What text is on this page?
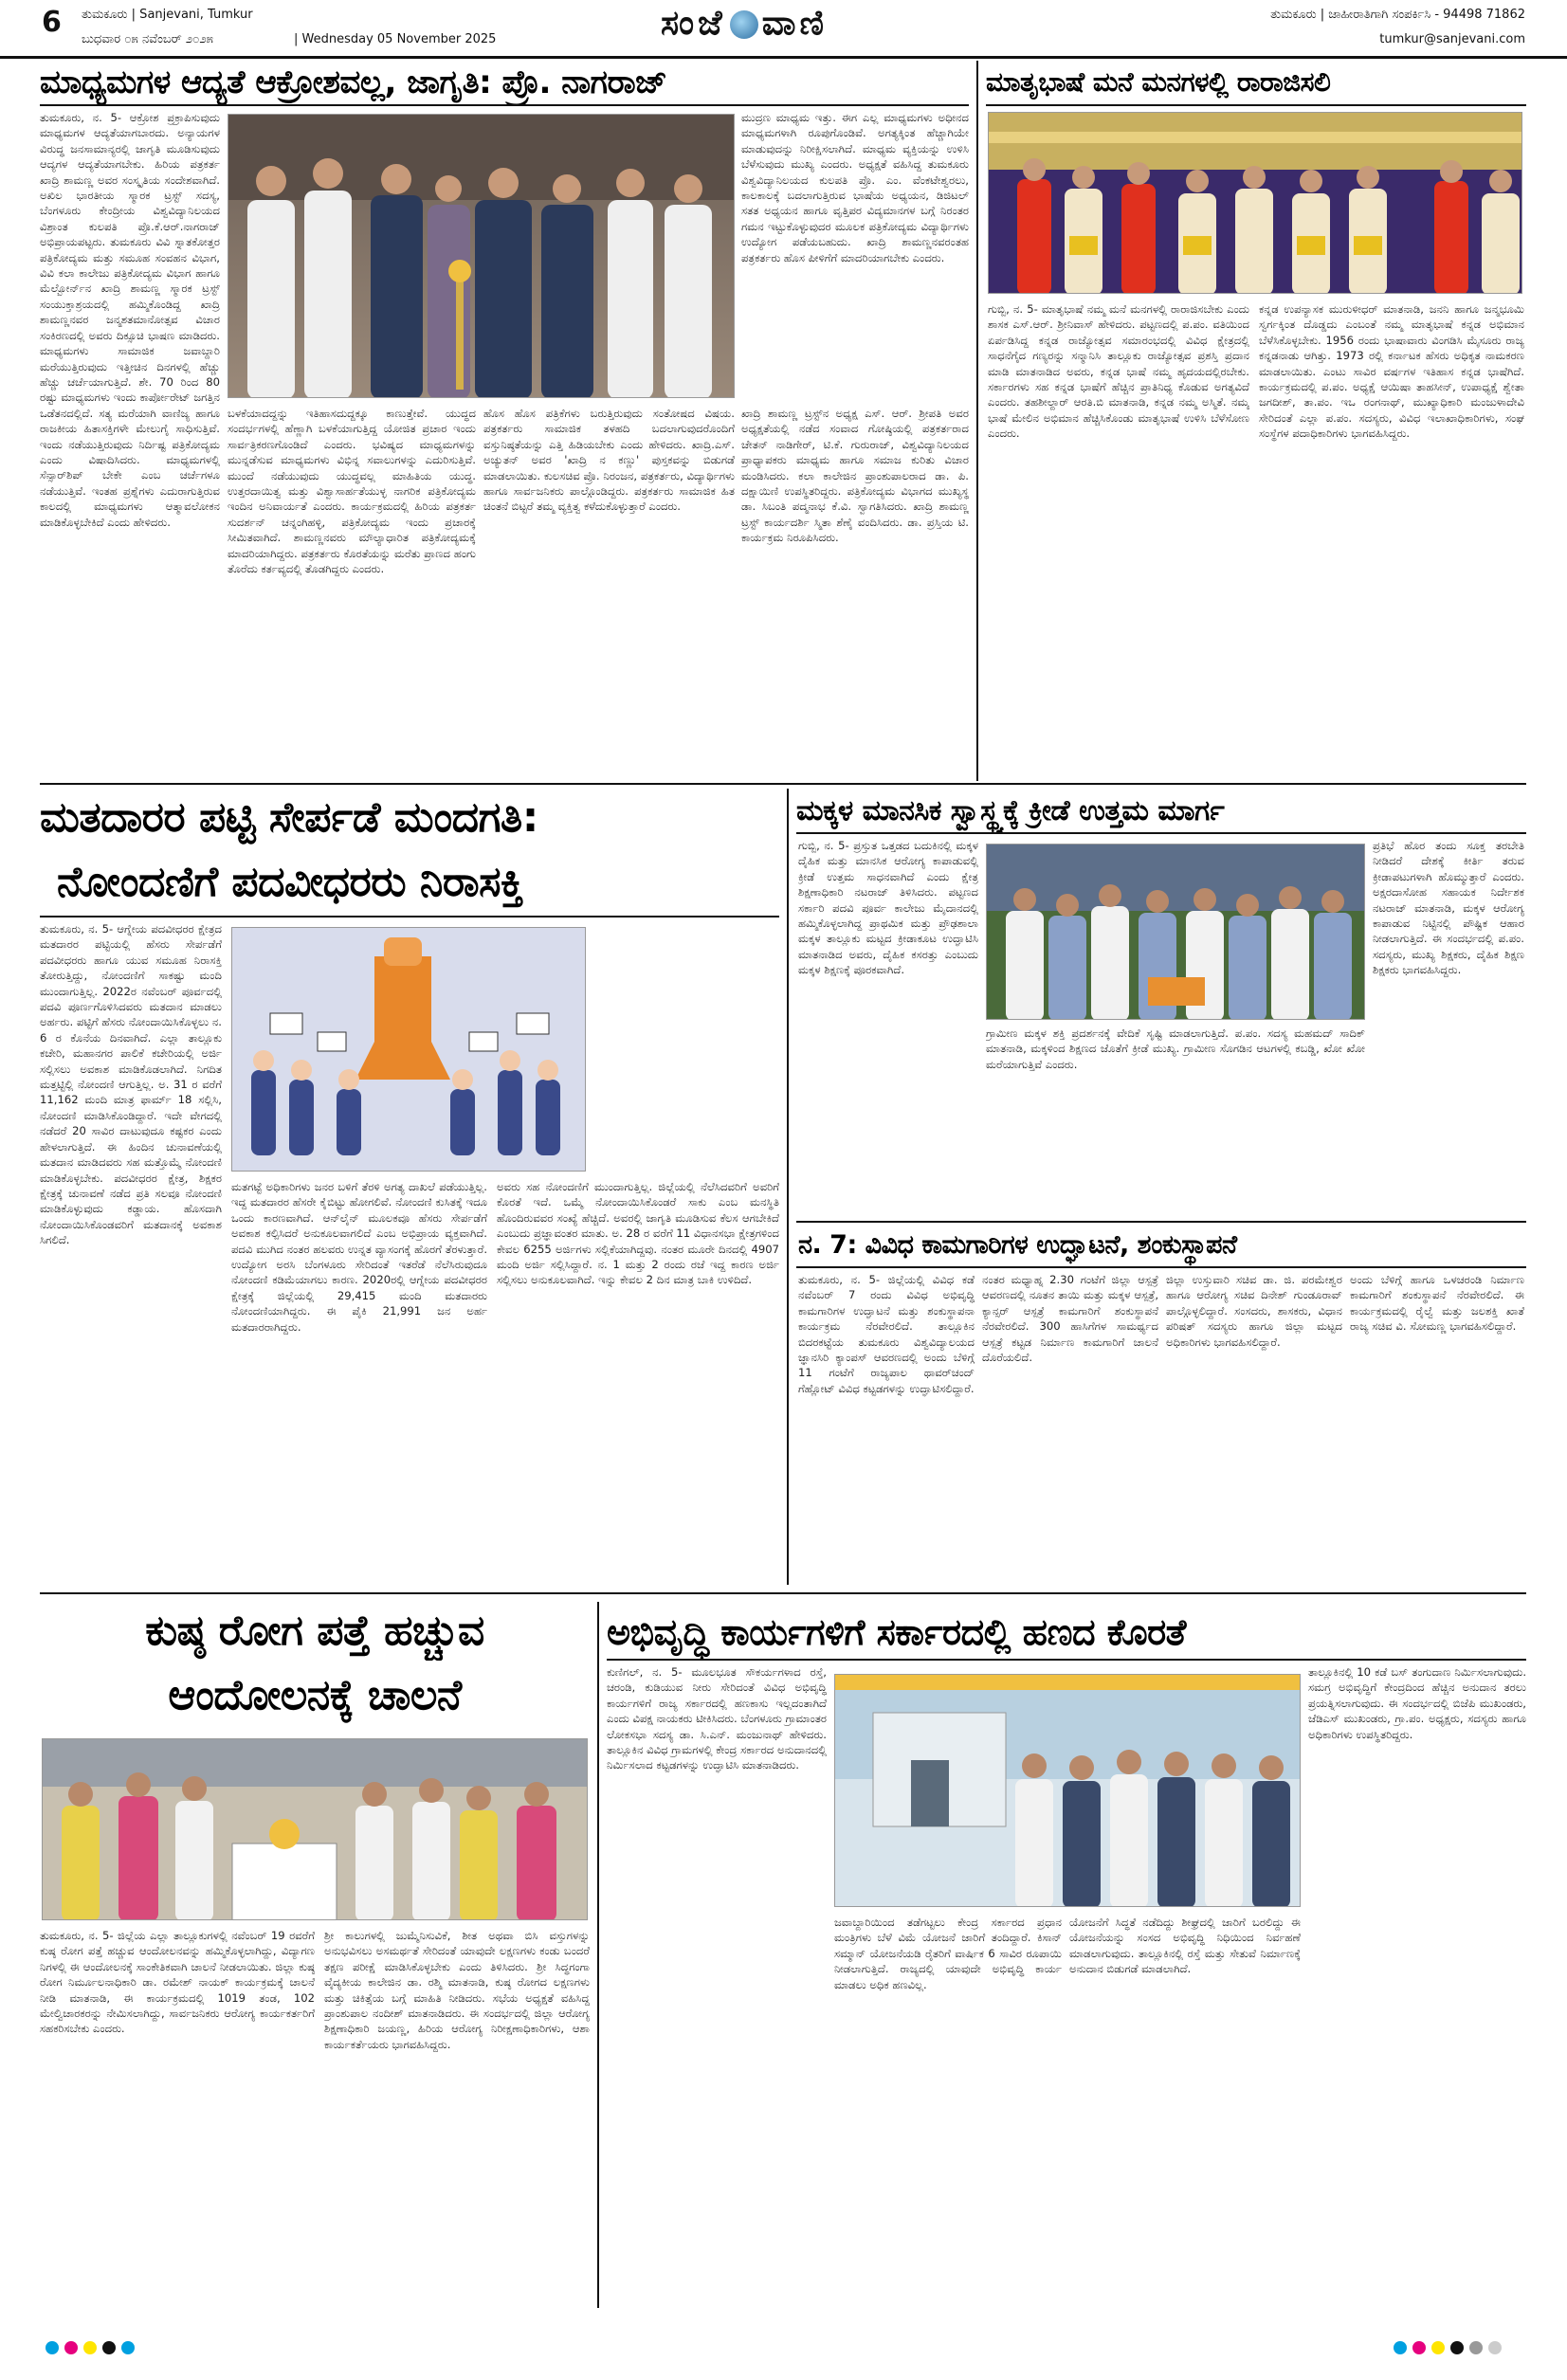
6 ತುಮಕೂರು | Sanjevani, Tumkur
ಬುಧವಾರ ೦೫ ನವೆಂಬರ್ ೨೦೨೫	| Wednesday 05 November 2025	ಸಂಜೆ ವಾಣಿ	ತುಮಕೂರು | ಜಾಹೀರಾತಿಗಾಗಿ ಸಂಪರ್ಕಿಸಿ - 94498 71862
tumkur@sanjevani.com
ಮಾಧ್ಯಮಗಳ ಆದ್ಯತೆ ಆಕ್ರೋಶವಲ್ಲ, ಜಾಗೃತಿ: ಪ್ರೊ. ನಾಗರಾಜ್
ತುಮಕೂರು, ನ. 5- ಆಕ್ರೋಶ ಪ್ರಕ್ರಾಪಿಸುವುದು ಮಾಧ್ಯಮಗಳ ಆದ್ಯತೆಯಾಗಬಾರದು. ಅನ್ಯಾಯಗಳ ವಿರುದ್ಧ ಜನಸಾಮಾನ್ಯರಲ್ಲಿ ಜಾಗೃತಿ ಮೂಡಿಸುವುದು ಆದ್ಯಗಳ ಆದ್ಯತೆಯಾಗಬೇಕು. ಹಿರಿಯ ಪತ್ರಕರ್ತ ಖಾದ್ರಿ ಶಾಮಣ್ಣ ಅವರ ಸಂಸ್ಕೃತಿಯ ಸಂದೇಶವಾಗಿದೆ. ಅಖಿಲ ಭಾರತೀಯ ಸ್ಮಾರಕ ಟ್ರಸ್ಟ್ ಸದಸ್ಯ, ಬೆಂಗಳೂರು ಕೇಂದ್ರೀಯ ವಿಶ್ವವಿದ್ಯಾನಿಲಯದ ವಿಶ್ರಾಂತ ಕುಲಪತಿ ಪ್ರೊ.ಕೆ.ಆರ್.ನಾಗರಾಜ್ ಅಭಿಪ್ರಾಯಪಟ್ಟರು. ತುಮಕೂರು ವಿವಿ ಸ್ನಾತಕೋತ್ತರ ಪತ್ರಿಕೋದ್ಯಮ ಮತ್ತು ಸಮೂಹ ಸಂವಹನ ವಿಭಾಗ, ವಿವಿ ಕಲಾ ಕಾಲೇಜು ಪತ್ರಿಕೋದ್ಯಮ ವಿಭಾಗ ಹಾಗೂ ಮೆಲ್ಬೋರ್ನ್‌ನ ಖಾದ್ರಿ ಶಾಮಣ್ಣ ಸ್ಮಾರಕ ಟ್ರಸ್ಟ್ ಸಂಯುಕ್ತಾಶ್ರಯದಲ್ಲಿ ಹಮ್ಮಿಕೊಂಡಿದ್ದ ಖಾದ್ರಿ ಶಾಮಣ್ಣನವರ ಜನ್ಮಶತಮಾನೋತ್ಸವ ವಿಚಾರ ಸಂಕಿರಣದಲ್ಲಿ ಅವರು ದಿಕ್ಸೂಚಿ ಭಾಷಣ ಮಾಡಿದರು. ಮಾಧ್ಯಮಗಳು ಸಾಮಾಜಿಕ ಜವಾಬ್ದಾರಿ ಮರೆಯುತ್ತಿರುವುದು ಇತ್ತೀಚಿನ ದಿನಗಳಲ್ಲಿ ಹೆಚ್ಚು ಹೆಚ್ಚು ಚರ್ಚೆಯಾಗುತ್ತಿದೆ. ಶೇ. 70 ರಿಂದ 80 ರಷ್ಟು ಮಾಧ್ಯಮಗಳು ಇಂದು ಕಾರ್ಪೋರೇಟ್ ಜಗತ್ತಿನ ಒಡೆತನದಲ್ಲಿದೆ. ಸತ್ಯ ಮರೆಯಾಗಿ ವಾಣಿಜ್ಯ ಹಾಗೂ ರಾಜಕೀಯ ಹಿತಾಸಕ್ತಿಗಳೇ ಮೇಲುಗೈ ಸಾಧಿಸುತ್ತಿವೆ. ಇಂದು ನಡೆಯುತ್ತಿರುವುದು ನಿರ್ದಿಷ್ಟ ಪತ್ರಿಕೋದ್ಯಮ ಎಂದು ವಿಷಾದಿಸಿದರು. ಮಾಧ್ಯಮಗಳಲ್ಲಿ ಸೆನ್ಸಾರ್‌ಶಿಪ್ ಬೇಕೇ ಎಂಬ ಚರ್ಚೆಗಳೂ ನಡೆಯುತ್ತಿವೆ. ಇಂತಹ ಪ್ರಶ್ನೆಗಳು ಎದುರಾಗುತ್ತಿರುವ ಕಾಲದಲ್ಲಿ ಮಾಧ್ಯಮಗಳು ಆತ್ಮಾವಲೋಕನ ಮಾಡಿಕೊಳ್ಳಬೇಕಿದೆ ಎಂದು ಹೇಳಿದರು.
ಮುದ್ರಣ ಮಾಧ್ಯಮ ಇತ್ತು. ಈಗ ಎಲ್ಲ ಮಾಧ್ಯಮಗಳು ಅಧೀನದ ಮಾಧ್ಯಮಗಳಾಗಿ ರೂಪುಗೊಂಡಿವೆ. ಅಗತ್ಯಕ್ಕಿಂತ ಹೆಚ್ಚಾಗಿಯೇ ಮಾಡುವುದನ್ನು ನಿರೀಕ್ಷಿಸಲಾಗಿದೆ. ಮಾಧ್ಯಮ ವ್ಯಕ್ತಿಯನ್ನು ಉಳಿಸಿ ಬೆಳೆಸುವುದು ಮುಖ್ಯ ಎಂದರು. ಅಧ್ಯಕ್ಷತೆ ವಹಿಸಿದ್ದ ತುಮಕೂರು ವಿಶ್ವವಿದ್ಯಾನಿಲಯದ ಕುಲಪತಿ ಪ್ರೊ. ಎಂ. ವೆಂಕಟೇಶ್ವರಲು, ಕಾಲಕಾಲಕ್ಕೆ ಬದಲಾಗುತ್ತಿರುವ ಭಾಷೆಯ ಅಧ್ಯಯನ, ಡಿಜಿಟಲ್ ಸತತ ಅಧ್ಯಯನ ಹಾಗೂ ವೃತ್ತಿಪರ ವಿದ್ಯಮಾನಗಳ ಬಗ್ಗೆ ನಿರಂತರ ಗಮನ ಇಟ್ಟುಕೊಳ್ಳುವುದರ ಮೂಲಕ ಪತ್ರಿಕೋದ್ಯಮ ವಿದ್ಯಾರ್ಥಿಗಳು ಉದ್ಯೋಗ ಪಡೆಯಬಹುದು. ಖಾದ್ರಿ ಶಾಮಣ್ಣನವರಂತಹ ಪತ್ರಕರ್ತರು ಹೊಸ ಪೀಳಿಗೆಗೆ ಮಾದರಿಯಾಗಬೇಕು ಎಂದರು.
ಬಳಕೆಯಾದದ್ದನ್ನು ಇತಿಹಾಸದುದ್ದಕ್ಕೂ ಕಾಣುತ್ತೇವೆ. ಯುದ್ಧದ ಸಂದರ್ಭಗಳಲ್ಲಿ ಹೆಣ್ಣಾಗಿ ಬಳಕೆಯಾಗುತ್ತಿದ್ದ ಯೋಜಿತ ಪ್ರಚಾರ ಇಂದು ಸಾರ್ವತ್ರಿಕರಣಗೊಂಡಿದೆ ಎಂದರು. ಭವಿಷ್ಯದ ಮಾಧ್ಯಮಗಳನ್ನು ಮುನ್ನಡೆಸುವ ಮಾಧ್ಯಮಗಳು ವಿಭಿನ್ನ ಸವಾಲುಗಳನ್ನು ಎದುರಿಸುತ್ತಿವೆ. ಮುಂದೆ ನಡೆಯುವುದು ಯುದ್ಧವಲ್ಲ ಮಾಹಿತಿಯ ಯುದ್ಧ. ಉತ್ತರದಾಯಿತ್ವ ಮತ್ತು ವಿಶ್ವಾಸಾರ್ಹತೆಯುಳ್ಳ ನಾಗರಿಕ ಪತ್ರಿಕೋದ್ಯಮ ಇಂದಿನ ಅನಿವಾರ್ಯತೆ ಎಂದರು. ಕಾರ್ಯಕ್ರಮದಲ್ಲಿ ಹಿರಿಯ ಪತ್ರಕರ್ತ ಸುದರ್ಶನ್ ಚನ್ನಂಗಿಹಳ್ಳಿ, ಪತ್ರಿಕೋದ್ಯಮ ಇಂದು ಪ್ರಚಾರಕ್ಕೆ ಸೀಮಿತವಾಗಿದೆ. ಶಾಮಣ್ಣನವರು ಮೌಲ್ಯಾಧಾರಿತ ಪತ್ರಿಕೋದ್ಯಮಕ್ಕೆ ಮಾದರಿಯಾಗಿದ್ದರು. ಪತ್ರಕರ್ತರು ಕೊರತೆಯನ್ನು ಮರೆತು ಪ್ರಾಣದ ಹಂಗು ತೊರೆದು ಕರ್ತವ್ಯದಲ್ಲಿ ತೊಡಗಿದ್ದರು ಎಂದರು.
ಹೊಸ ಹೊಸ ಪತ್ರಿಕೆಗಳು ಬರುತ್ತಿರುವುದು ಸಂತೋಷದ ವಿಷಯ. ಪತ್ರಕರ್ತರು ಸಾಮಾಜಿಕ ತಳಹದಿ ಬದಲಾಗುವುದರೊಂದಿಗೆ ವಸ್ತುನಿಷ್ಠತೆಯನ್ನು ಎತ್ತಿ ಹಿಡಿಯಬೇಕು ಎಂದು ಹೇಳಿದರು. ಖಾದ್ರಿ.ಎಸ್. ಅಚ್ಯುತನ್ ಅವರ 'ಖಾದ್ರಿ ನ ಕಣ್ಣು' ಪುಸ್ತಕವನ್ನು ಬಿಡುಗಡೆ ಮಾಡಲಾಯಿತು. ಕುಲಸಚಿವ ಪ್ರೊ. ನಿರಂಜನ, ಪತ್ರಕರ್ತರು, ವಿದ್ಯಾರ್ಥಿಗಳು ಹಾಗೂ ಸಾರ್ವಜನಿಕರು ಪಾಲ್ಗೊಂಡಿದ್ದರು. ಪತ್ರಕರ್ತರು ಸಾಮಾಜಿಕ ಹಿತ ಚಿಂತನೆ ಬಿಟ್ಟರೆ ತಮ್ಮ ವ್ಯಕ್ತಿತ್ವ ಕಳೆದುಕೊಳ್ಳುತ್ತಾರೆ ಎಂದರು.
ಖಾದ್ರಿ ಶಾಮಣ್ಣ ಟ್ರಸ್ಟ್‌ನ ಅಧ್ಯಕ್ಷ ಎಸ್. ಆರ್. ಶ್ರೀಪತಿ ಅವರ ಅಧ್ಯಕ್ಷತೆಯಲ್ಲಿ ನಡೆದ ಸಂವಾದ ಗೋಷ್ಠಿಯಲ್ಲಿ ಪತ್ರಕರ್ತರಾದ ಚೇತನ್ ನಾಡಿಗೇರ್, ಟಿ.ಕೆ. ಗುರುರಾಜ್, ವಿಶ್ವವಿದ್ಯಾನಿಲಯದ ಪ್ರಾಧ್ಯಾಪಕರು ಮಾಧ್ಯಮ ಹಾಗೂ ಸಮಾಜ ಕುರಿತು ವಿಚಾರ ಮಂಡಿಸಿದರು. ಕಲಾ ಕಾಲೇಜಿನ ಪ್ರಾಂಶುಪಾಲರಾದ ಡಾ. ಪಿ. ದಕ್ಷಾಯಿಣಿ ಉಪಸ್ಥಿತರಿದ್ದರು. ಪತ್ರಿಕೋದ್ಯಮ ವಿಭಾಗದ ಮುಖ್ಯಸ್ಥ ಡಾ. ಸಿಬಂತಿ ಪದ್ಮನಾಭ ಕೆ.ವಿ. ಸ್ವಾಗತಿಸಿದರು. ಖಾದ್ರಿ ಶಾಮಣ್ಣ ಟ್ರಸ್ಟ್ ಕಾರ್ಯದರ್ಶಿ ಸ್ಮಿತಾ ಶೆಣೈ ವಂದಿಸಿದರು. ಡಾ. ಪ್ರಸ್ತಿಯ ಟಿ. ಕಾರ್ಯಕ್ರಮ ನಿರೂಪಿಸಿದರು.
ಮಾತೃಭಾಷೆ ಮನೆ ಮನಗಳಲ್ಲಿ ರಾರಾಜಿಸಲಿ
ಗುಬ್ಬಿ, ನ. 5- ಮಾತೃಭಾಷೆ ನಮ್ಮ ಮನೆ ಮನಗಳಲ್ಲಿ ರಾರಾಜಿಸಬೇಕು ಎಂದು ಶಾಸಕ ಎಸ್.ಆರ್. ಶ್ರೀನಿವಾಸ್ ಹೇಳಿದರು. ಪಟ್ಟಣದಲ್ಲಿ ಪ.ಪಂ. ವತಿಯಿಂದ ಏರ್ಪಡಿಸಿದ್ದ ಕನ್ನಡ ರಾಜ್ಯೋತ್ಸವ ಸಮಾರಂಭದಲ್ಲಿ ವಿವಿಧ ಕ್ಷೇತ್ರದಲ್ಲಿ ಸಾಧನೆಗೈದ ಗಣ್ಯರನ್ನು ಸನ್ಮಾನಿಸಿ ತಾಲ್ಲೂಕು ರಾಜ್ಯೋತ್ಸವ ಪ್ರಶಸ್ತಿ ಪ್ರದಾನ ಮಾಡಿ ಮಾತನಾಡಿದ ಅವರು, ಕನ್ನಡ ಭಾಷೆ ನಮ್ಮ ಹೃದಯದಲ್ಲಿರಬೇಕು. ಸರ್ಕಾರಗಳು ಸಹ ಕನ್ನಡ ಭಾಷೆಗೆ ಹೆಚ್ಚಿನ ಪ್ರಾತಿನಿಧ್ಯ ಕೊಡುವ ಅಗತ್ಯವಿದೆ ಎಂದರು. ತಹಶೀಲ್ದಾರ್ ಆರತಿ.ಬಿ ಮಾತನಾಡಿ, ಕನ್ನಡ ನಮ್ಮ ಅಸ್ಮಿತೆ. ನಮ್ಮ ಭಾಷೆ ಮೇಲಿನ ಅಭಿಮಾನ ಹೆಚ್ಚಿಸಿಕೊಂಡು ಮಾತೃಭಾಷೆ ಉಳಿಸಿ ಬೆಳೆಸೋಣ ಎಂದರು.
ಕನ್ನಡ ಉಪನ್ಯಾಸಕ ಮುರುಳೀಧರ್ ಮಾತನಾಡಿ, ಜನನಿ ಹಾಗೂ ಜನ್ಮಭೂಮಿ ಸ್ವರ್ಗಕ್ಕಿಂತ ದೊಡ್ಡದು ಎಂಬಂತೆ ನಮ್ಮ ಮಾತೃಭಾಷೆ ಕನ್ನಡ ಅಭಿಮಾನ ಬೆಳೆಸಿಕೊಳ್ಳಬೇಕು. 1956 ರಂದು ಭಾಷಾವಾರು ವಿಂಗಡಿಸಿ ಮೈಸೂರು ರಾಜ್ಯ ಕನ್ನಡನಾಡು ಆಗಿತ್ತು. 1973 ರಲ್ಲಿ ಕರ್ನಾಟಕ ಹೆಸರು ಅಧಿಕೃತ ನಾಮಕರಣ ಮಾಡಲಾಯಿತು. ಎಂಟು ಸಾವಿರ ವರ್ಷಗಳ ಇತಿಹಾಸ ಕನ್ನಡ ಭಾಷೆಗಿದೆ. ಕಾರ್ಯಕ್ರಮದಲ್ಲಿ ಪ.ಪಂ. ಅಧ್ಯಕ್ಷೆ ಆಯಿಷಾ ತಾಹಸೀನ್, ಉಪಾಧ್ಯಕ್ಷೆ ಶ್ವೇತಾ ಜಗದೀಶ್, ತಾ.ಪಂ. ಇಒ ರಂಗನಾಥ್, ಮುಖ್ಯಾಧಿಕಾರಿ ಮಂಜುಳಾದೇವಿ ಸೇರಿದಂತೆ ಎಲ್ಲಾ ಪ.ಪಂ. ಸದಸ್ಯರು, ವಿವಿಧ ಇಲಾಖಾಧಿಕಾರಿಗಳು, ಸಂಘ ಸಂಸ್ಥೆಗಳ ಪದಾಧಿಕಾರಿಗಳು ಭಾಗವಹಿಸಿದ್ದರು.
ಮತದಾರರ ಪಟ್ಟಿ ಸೇರ್ಪಡೆ ಮಂದಗತಿ:
ನೋಂದಣಿಗೆ ಪದವೀಧರರು ನಿರಾಸಕ್ತಿ
ತುಮಕೂರು, ನ. 5- ಆಗ್ನೇಯ ಪದವೀಧರರ ಕ್ಷೇತ್ರದ ಮತದಾರರ ಪಟ್ಟಿಯಲ್ಲಿ ಹೆಸರು ಸೇರ್ಪಡೆಗೆ ಪದವೀಧರರು ಹಾಗೂ ಯುವ ಸಮೂಹ ನಿರಾಸಕ್ತಿ ತೋರುತ್ತಿದ್ದು, ನೋಂದಣಿಗೆ ಸಾಕಷ್ಟು ಮಂದಿ ಮುಂದಾಗುತ್ತಿಲ್ಲ. 2022ರ ನವೆಂಬರ್ ಪೂರ್ವದಲ್ಲಿ ಪದವಿ ಪೂರ್ಣಗೊಳಿಸಿದವರು ಮತದಾನ ಮಾಡಲು ಅರ್ಹರು. ಪಟ್ಟಿಗೆ ಹೆಸರು ನೋಂದಾಯಿಸಿಕೊಳ್ಳಲು ನ. 6 ರ ಕೊನೆಯ ದಿನವಾಗಿದೆ. ಎಲ್ಲಾ ತಾಲ್ಲೂಕು ಕಚೇರಿ, ಮಹಾನಗರ ಪಾಲಿಕೆ ಕಚೇರಿಯಲ್ಲಿ ಅರ್ಜಿ ಸಲ್ಲಿಸಲು ಅವಕಾಶ ಮಾಡಿಕೊಡಲಾಗಿದೆ. ನಿಗದಿತ ಮತ್ತಟ್ಟಿಲ್ಲಿ ನೋಂದಣಿ ಆಗುತ್ತಿಲ್ಲ. ಅ. 31 ರ ವರೆಗೆ 11,162 ಮಂದಿ ಮಾತ್ರ ಫಾರ್ಮ್ 18 ಸಲ್ಲಿಸಿ, ನೋಂದಣಿ ಮಾಡಿಸಿಕೊಂಡಿದ್ದಾರೆ. ಇದೇ ವೇಗದಲ್ಲಿ ನಡೆದರೆ 20 ಸಾವಿರ ದಾಟುವುದೂ ಕಷ್ಟಕರ ಎಂದು ಹೇಳಲಾಗುತ್ತಿದೆ. ಈ ಹಿಂದಿನ ಚುನಾವಣೆಯಲ್ಲಿ ಮತದಾನ ಮಾಡಿದವರು ಸಹ ಮತ್ತೊಮ್ಮೆ ನೋಂದಣಿ ಮಾಡಿಕೊಳ್ಳಬೇಕು. ಪದವೀಧರರ ಕ್ಷೇತ್ರ, ಶಿಕ್ಷಕರ ಕ್ಷೇತ್ರಕ್ಕೆ ಚುನಾವಣೆ ನಡೆದ ಪ್ರತಿ ಸಲವೂ ನೋಂದಣಿ ಮಾಡಿಕೊಳ್ಳುವುದು ಕಡ್ಡಾಯ. ಹೊಸದಾಗಿ ನೋಂದಾಯಿಸಿಕೊಂಡವರಿಗೆ ಮತದಾನಕ್ಕೆ ಅವಕಾಶ ಸಿಗಲಿದೆ.
ಮತಗಟ್ಟೆ ಅಧಿಕಾರಿಗಳು ಜನರ ಬಳಿಗೆ ತೆರಳಿ ಅಗತ್ಯ ದಾಖಲೆ ಪಡೆಯುತ್ತಿಲ್ಲ. ಇದ್ದ ಮತದಾರರ ಹೆಸರೇ ಕೈಬಿಟ್ಟು ಹೋಗಲಿವೆ. ನೋಂದಣಿ ಕುಸಿತಕ್ಕೆ ಇದೂ ಒಂದು ಕಾರಣವಾಗಿದೆ. ಆನ್‌ಲೈನ್ ಮೂಲಕವೂ ಹೆಸರು ಸೇರ್ಪಡೆಗೆ ಅವಕಾಶ ಕಲ್ಪಿಸಿದರೆ ಅನುಕೂಲವಾಗಲಿದೆ ಎಂಬ ಅಭಿಪ್ರಾಯ ವ್ಯಕ್ತವಾಗಿದೆ. ಪದವಿ ಮುಗಿದ ನಂತರ ಹಲವರು ಉನ್ನತ ವ್ಯಾಸಂಗಕ್ಕೆ ಹೊರಗೆ ತೆರಳುತ್ತಾರೆ. ಉದ್ಯೋಗ ಅರಸಿ ಬೆಂಗಳೂರು ಸೇರಿದಂತೆ ಇತರೆಡೆ ನೆಲೆಸಿರುವುದೂ ನೋಂದಣಿ ಕಡಿಮೆಯಾಗಲು ಕಾರಣ. 2020ರಲ್ಲಿ ಆಗ್ನೇಯ ಪದವೀಧರರ ಕ್ಷೇತ್ರಕ್ಕೆ ಜಿಲ್ಲೆಯಲ್ಲಿ 29,415 ಮಂದಿ ಮತದಾರರು ನೋಂದಣಿಯಾಗಿದ್ದರು. ಈ ಪೈಕಿ 21,991 ಜನ ಅರ್ಹ ಮತದಾರರಾಗಿದ್ದರು.
ಅವರು ಸಹ ನೋಂದಣಿಗೆ ಮುಂದಾಗುತ್ತಿಲ್ಲ. ಜಿಲ್ಲೆಯಲ್ಲಿ ನೆಲೆಸಿದವರಿಗೆ ಅವರಿಗೆ ಕೊರತೆ ಇದೆ. ಒಮ್ಮೆ ನೋಂದಾಯಿಸಿಕೊಂಡರೆ ಸಾಕು ಎಂಬ ಮನಸ್ಥಿತಿ ಹೊಂದಿರುವವರ ಸಂಖ್ಯೆ ಹೆಚ್ಚಿದೆ. ಅವರಲ್ಲಿ ಜಾಗೃತಿ ಮೂಡಿಸುವ ಕೆಲಸ ಆಗಬೇಕಿದೆ ಎಂಬುದು ಪ್ರಜ್ಞಾವಂತರ ಮಾತು. ಅ. 28 ರ ವರೆಗೆ 11 ವಿಧಾನಸಭಾ ಕ್ಷೇತ್ರಗಳಿಂದ ಕೇವಲ 6255 ಅರ್ಜಿಗಳು ಸಲ್ಲಿಕೆಯಾಗಿದ್ದವು. ನಂತರ ಮೂರೇ ದಿನದಲ್ಲಿ 4907 ಮಂದಿ ಅರ್ಜಿ ಸಲ್ಲಿಸಿದ್ದಾರೆ. ನ. 1 ಮತ್ತು 2 ರಂದು ರಜೆ ಇದ್ದ ಕಾರಣ ಅರ್ಜಿ ಸಲ್ಲಿಸಲು ಅನುಕೂಲವಾಗಿದೆ. ಇನ್ನು ಕೇವಲ 2 ದಿನ ಮಾತ್ರ ಬಾಕಿ ಉಳಿದಿದೆ.
ಮಕ್ಕಳ ಮಾನಸಿಕ ಸ್ವಾಸ್ಥ್ಯಕ್ಕೆ ಕ್ರೀಡೆ ಉತ್ತಮ ಮಾರ್ಗ
ಗುಬ್ಬಿ, ನ. 5- ಪ್ರಸ್ತುತ ಒತ್ತಡದ ಬದುಕಿನಲ್ಲಿ ಮಕ್ಕಳ ದೈಹಿಕ ಮತ್ತು ಮಾನಸಿಕ ಆರೋಗ್ಯ ಕಾಪಾಡುವಲ್ಲಿ ಕ್ರೀಡೆ ಉತ್ತಮ ಸಾಧನವಾಗಿದೆ ಎಂದು ಕ್ಷೇತ್ರ ಶಿಕ್ಷಣಾಧಿಕಾರಿ ನಟರಾಜ್ ತಿಳಿಸಿದರು. ಪಟ್ಟಣದ ಸರ್ಕಾರಿ ಪದವಿ ಪೂರ್ವ ಕಾಲೇಜು ಮೈದಾನದಲ್ಲಿ ಹಮ್ಮಿಕೊಳ್ಳಲಾಗಿದ್ದ ಪ್ರಾಥಮಿಕ ಮತ್ತು ಪ್ರೌಢಶಾಲಾ ಮಕ್ಕಳ ತಾಲ್ಲೂಕು ಮಟ್ಟದ ಕ್ರೀಡಾಕೂಟ ಉದ್ಘಾಟಿಸಿ ಮಾತನಾಡಿದ ಅವರು, ದೈಹಿಕ ಕಸರತ್ತು ಎಂಬುದು ಮಕ್ಕಳ ಶಿಕ್ಷಣಕ್ಕೆ ಪೂರಕವಾಗಿದೆ.
ಗ್ರಾಮೀಣ ಮಕ್ಕಳ ಶಕ್ತಿ ಪ್ರದರ್ಶನಕ್ಕೆ ವೇದಿಕೆ ಸೃಷ್ಟಿ ಮಾಡಲಾಗುತ್ತಿದೆ. ಪ.ಪಂ. ಸದಸ್ಯ ಮಹಮದ್ ಸಾದಿಕ್ ಮಾತನಾಡಿ, ಮಕ್ಕಳಿಂದ ಶಿಕ್ಷಣದ ಜೊತೆಗೆ ಕ್ರೀಡೆ ಮುಖ್ಯ. ಗ್ರಾಮೀಣ ಸೊಗಡಿನ ಆಟಗಳಲ್ಲಿ ಕಬಡ್ಡಿ, ಖೋ ಖೋ ಮರೆಯಾಗುತ್ತಿವೆ ಎಂದರು.
ಪ್ರತಿಭೆ ಹೊರ ತಂದು ಸೂಕ್ತ ತರಬೇತಿ ನೀಡಿದರೆ ದೇಶಕ್ಕೆ ಕೀರ್ತಿ ತರುವ ಕ್ರೀಡಾಪಟುಗಳಾಗಿ ಹೊಮ್ಮುತ್ತಾರೆ ಎಂದರು. ಅಕ್ಷರದಾಸೋಹ ಸಹಾಯಕ ನಿರ್ದೇಶಕ ನಟರಾಜ್ ಮಾತನಾಡಿ, ಮಕ್ಕಳ ಆರೋಗ್ಯ ಕಾಪಾಡುವ ನಿಟ್ಟಿನಲ್ಲಿ ಪೌಷ್ಟಿಕ ಆಹಾರ ನೀಡಲಾಗುತ್ತಿದೆ. ಈ ಸಂದರ್ಭದಲ್ಲಿ ಪ.ಪಂ. ಸದಸ್ಯರು, ಮುಖ್ಯ ಶಿಕ್ಷಕರು, ದೈಹಿಕ ಶಿಕ್ಷಣ ಶಿಕ್ಷಕರು ಭಾಗವಹಿಸಿದ್ದರು.
ನ. 7: ವಿವಿಧ ಕಾಮಗಾರಿಗಳ ಉದ್ಘಾಟನೆ, ಶಂಕುಸ್ಥಾಪನೆ
ತುಮಕೂರು, ನ. 5- ಜಿಲ್ಲೆಯಲ್ಲಿ ವಿವಿಧ ಕಡೆ ನವೆಂಬರ್ 7 ರಂದು ವಿವಿಧ ಅಭಿವೃದ್ಧಿ ಕಾಮಗಾರಿಗಳ ಉದ್ಘಾಟನೆ ಮತ್ತು ಶಂಕುಸ್ಥಾಪನಾ ಕಾರ್ಯಕ್ರಮ ನೆರವೇರಲಿದೆ. ತಾಲ್ಲೂಕಿನ ಬಿದರಕಟ್ಟೆಯ ತುಮಕೂರು ವಿಶ್ವವಿದ್ಯಾಲಯದ ಜ್ಞಾನಸಿರಿ ಕ್ಯಾಂಪಸ್ ಆವರಣದಲ್ಲಿ ಅಂದು ಬೆಳಿಗ್ಗೆ 11 ಗಂಟೆಗೆ ರಾಜ್ಯಪಾಲ ಥಾವರ್‌ಚಂದ್ ಗೆಹ್ಲೋಟ್ ವಿವಿಧ ಕಟ್ಟಡಗಳನ್ನು ಉದ್ಘಾಟಿಸಲಿದ್ದಾರೆ.
ನಂತರ ಮಧ್ಯಾಹ್ನ 2.30 ಗಂಟೆಗೆ ಜಿಲ್ಲಾ ಆಸ್ಪತ್ರೆ ಆವರಣದಲ್ಲಿ ನೂತನ ತಾಯಿ ಮತ್ತು ಮಕ್ಕಳ ಆಸ್ಪತ್ರೆ, ಕ್ಯಾನ್ಸರ್ ಆಸ್ಪತ್ರೆ ಕಾಮಗಾರಿಗೆ ಶಂಕುಸ್ಥಾಪನೆ ನೆರವೇರಲಿದೆ. 300 ಹಾಸಿಗೆಗಳ ಸಾಮರ್ಥ್ಯದ ಆಸ್ಪತ್ರೆ ಕಟ್ಟಡ ನಿರ್ಮಾಣ ಕಾಮಗಾರಿಗೆ ಚಾಲನೆ ದೊರೆಯಲಿದೆ.
ಜಿಲ್ಲಾ ಉಸ್ತುವಾರಿ ಸಚಿವ ಡಾ. ಜಿ. ಪರಮೇಶ್ವರ ಹಾಗೂ ಆರೋಗ್ಯ ಸಚಿವ ದಿನೇಶ್ ಗುಂಡೂರಾವ್ ಪಾಲ್ಗೊಳ್ಳಲಿದ್ದಾರೆ. ಸಂಸದರು, ಶಾಸಕರು, ವಿಧಾನ ಪರಿಷತ್ ಸದಸ್ಯರು ಹಾಗೂ ಜಿಲ್ಲಾ ಮಟ್ಟದ ಅಧಿಕಾರಿಗಳು ಭಾಗವಹಿಸಲಿದ್ದಾರೆ.
ಅಂದು ಬೆಳಿಗ್ಗೆ ಹಾಗೂ ಒಳಚರಂಡಿ ನಿರ್ಮಾಣ ಕಾಮಗಾರಿಗೆ ಶಂಕುಸ್ಥಾಪನೆ ನೆರವೇರಲಿದೆ. ಈ ಕಾರ್ಯಕ್ರಮದಲ್ಲಿ ರೈಲ್ವೆ ಮತ್ತು ಜಲಶಕ್ತಿ ಖಾತೆ ರಾಜ್ಯ ಸಚಿವ ವಿ. ಸೋಮಣ್ಣ ಭಾಗವಹಿಸಲಿದ್ದಾರೆ.
ಕುಷ್ಠ ರೋಗ ಪತ್ತೆ ಹಚ್ಚುವ
ಆಂದೋಲನಕ್ಕೆ ಚಾಲನೆ
ತುಮಕೂರು, ನ. 5- ಜಿಲ್ಲೆಯ ಎಲ್ಲಾ ತಾಲ್ಲೂಕುಗಳಲ್ಲಿ ನವೆಂಬರ್ 19 ರವರೆಗೆ ಕುಷ್ಠ ರೋಗ ಪತ್ತೆ ಹಚ್ಚುವ ಆಂದೋಲನವನ್ನು ಹಮ್ಮಿಕೊಳ್ಳಲಾಗಿದ್ದು, ವಿದ್ಯಾಗಣ ನಿಗಳಲ್ಲಿ ಈ ಆಂದೋಲನಕ್ಕೆ ಸಾಂಕೇತಿಕವಾಗಿ ಚಾಲನೆ ನೀಡಲಾಯಿತು. ಜಿಲ್ಲಾ ಕುಷ್ಠ ರೋಗ ನಿರ್ಮೂಲನಾಧಿಕಾರಿ ಡಾ. ರಮೇಶ್ ನಾಯಕ್ ಕಾರ್ಯಕ್ರಮಕ್ಕೆ ಚಾಲನೆ ನೀಡಿ ಮಾತನಾಡಿ, ಈ ಕಾರ್ಯಕ್ರಮದಲ್ಲಿ 1019 ತಂಡ, 102 ಮೇಲ್ವಿಚಾರಕರನ್ನು ನೇಮಿಸಲಾಗಿದ್ದು, ಸಾರ್ವಜನಿಕರು ಆರೋಗ್ಯ ಕಾರ್ಯಕರ್ತರಿಗೆ ಸಹಕರಿಸಬೇಕು ಎಂದರು.
ಶ್ರೀ ಕಾಲುಗಳಲ್ಲಿ ಜುಮ್ಮೆನಿಸುವಿಕೆ, ಶೀತ ಅಥವಾ ಬಿಸಿ ವಸ್ತುಗಳನ್ನು ಅನುಭವಿಸಲು ಅಸಮರ್ಥತೆ ಸೇರಿದಂತೆ ಯಾವುದೇ ಲಕ್ಷಣಗಳು ಕಂಡು ಬಂದರೆ ತಕ್ಷಣ ಪರೀಕ್ಷೆ ಮಾಡಿಸಿಕೊಳ್ಳಬೇಕು ಎಂದು ತಿಳಿಸಿದರು. ಶ್ರೀ ಸಿದ್ಧಗಂಗಾ ವೈದ್ಯಕೀಯ ಕಾಲೇಜಿನ ಡಾ. ರಶ್ಮಿ ಮಾತನಾಡಿ, ಕುಷ್ಠ ರೋಗದ ಲಕ್ಷಣಗಳು ಮತ್ತು ಚಿಕಿತ್ಸೆಯ ಬಗ್ಗೆ ಮಾಹಿತಿ ನೀಡಿದರು. ಸಭೆಯ ಅಧ್ಯಕ್ಷತೆ ವಹಿಸಿದ್ದ ಪ್ರಾಂಶುಪಾಲ ನಂದೀಶ್ ಮಾತನಾಡಿದರು. ಈ ಸಂದರ್ಭದಲ್ಲಿ ಜಿಲ್ಲಾ ಆರೋಗ್ಯ ಶಿಕ್ಷಣಾಧಿಕಾರಿ ಜಯಣ್ಣ, ಹಿರಿಯ ಆರೋಗ್ಯ ನಿರೀಕ್ಷಣಾಧಿಕಾರಿಗಳು, ಆಶಾ ಕಾರ್ಯಕರ್ತೆಯರು ಭಾಗವಹಿಸಿದ್ದರು.
ಅಭಿವೃದ್ಧಿ ಕಾರ್ಯಗಳಿಗೆ ಸರ್ಕಾರದಲ್ಲಿ ಹಣದ ಕೊರತೆ
ಕುಣಿಗಲ್, ನ. 5- ಮೂಲಭೂತ ಸೌಕರ್ಯಗಳಾದ ರಸ್ತೆ, ಚರಂಡಿ, ಕುಡಿಯುವ ನೀರು ಸೇರಿದಂತೆ ವಿವಿಧ ಅಭಿವೃದ್ಧಿ ಕಾರ್ಯಗಳಿಗೆ ರಾಜ್ಯ ಸರ್ಕಾರದಲ್ಲಿ ಹಣಕಾಸು ಇಲ್ಲದಂತಾಗಿದೆ ಎಂದು ವಿಪಕ್ಷ ನಾಯಕರು ಟೀಕಿಸಿದರು. ಬೆಂಗಳೂರು ಗ್ರಾಮಾಂತರ ಲೋಕಸಭಾ ಸದಸ್ಯ ಡಾ. ಸಿ.ಎನ್. ಮಂಜುನಾಥ್ ಹೇಳಿದರು. ತಾಲ್ಲೂಕಿನ ವಿವಿಧ ಗ್ರಾಮಗಳಲ್ಲಿ ಕೇಂದ್ರ ಸರ್ಕಾರದ ಅನುದಾನದಲ್ಲಿ ನಿರ್ಮಿಸಲಾದ ಕಟ್ಟಡಗಳನ್ನು ಉದ್ಘಾಟಿಸಿ ಮಾತನಾಡಿದರು.
ಜವಾಬ್ದಾರಿಯಿಂದ ತಡೆಗಟ್ಟಲು ಕೇಂದ್ರ ಸರ್ಕಾರದ ಪ್ರಧಾನ ಮಂತ್ರಿಗಳು ಬೆಳೆ ವಿಮೆ ಯೋಜನೆ ಜಾರಿಗೆ ತಂದಿದ್ದಾರೆ. ಕಿಸಾನ್ ಸಮ್ಮಾನ್ ಯೋಜನೆಯಡಿ ರೈತರಿಗೆ ವಾರ್ಷಿಕ 6 ಸಾವಿರ ರೂಪಾಯಿ ನೀಡಲಾಗುತ್ತಿದೆ. ರಾಜ್ಯದಲ್ಲಿ ಯಾವುದೇ ಅಭಿವೃದ್ಧಿ ಕಾರ್ಯ ಮಾಡಲು ಅಧಿಕ ಹಣವಿಲ್ಲ.
ಯೋಜನೆಗೆ ಸಿದ್ಧತೆ ನಡೆದಿದ್ದು ಶೀಘ್ರದಲ್ಲಿ ಜಾರಿಗೆ ಬರಲಿದ್ದು ಈ ಯೋಜನೆಯನ್ನು ಸಂಸದ ಅಭಿವೃದ್ಧಿ ನಿಧಿಯಿಂದ ನಿರ್ವಹಣೆ ಮಾಡಲಾಗುವುದು. ತಾಲ್ಲೂಕಿನಲ್ಲಿ ರಸ್ತೆ ಮತ್ತು ಸೇತುವೆ ನಿರ್ಮಾಣಕ್ಕೆ ಅನುದಾನ ಬಿಡುಗಡೆ ಮಾಡಲಾಗಿದೆ.
ತಾಲ್ಲೂಕಿನಲ್ಲಿ 10 ಕಡೆ ಬಸ್ ತಂಗುದಾಣ ನಿರ್ಮಿಸಲಾಗುವುದು. ಸಮಗ್ರ ಅಭಿವೃದ್ಧಿಗೆ ಕೇಂದ್ರದಿಂದ ಹೆಚ್ಚಿನ ಅನುದಾನ ತರಲು ಪ್ರಯತ್ನಿಸಲಾಗುವುದು. ಈ ಸಂದರ್ಭದಲ್ಲಿ ಬಿಜೆಪಿ ಮುಖಂಡರು, ಜೆಡಿಎಸ್ ಮುಖಂಡರು, ಗ್ರಾ.ಪಂ. ಅಧ್ಯಕ್ಷರು, ಸದಸ್ಯರು ಹಾಗೂ ಅಧಿಕಾರಿಗಳು ಉಪಸ್ಥಿತರಿದ್ದರು.
